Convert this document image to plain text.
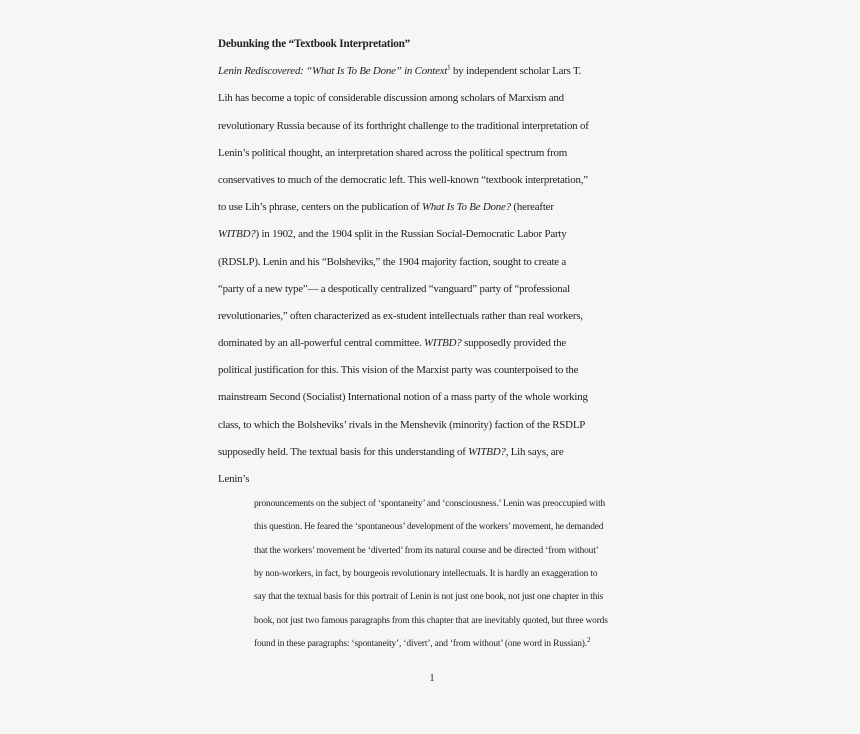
Debunking the “Textbook Interpretation”
Lenin Rediscovered: “What Is To Be Done” in Context$^1$ by independent scholar Lars T.
Lih has become a topic of considerable discussion among scholars of Marxism and
revolutionary Russia because of its forthright challenge to the traditional interpretation of
Lenin’s political thought, an interpretation shared across the political spectrum from
conservatives to much of the democratic left. This well-known “textbook interpretation,”
to use Lih’s phrase, centers on the publication of What Is To Be Done? (hereafter
WITBD?) in 1902, and the 1904 split in the Russian Social-Democratic Labor Party
(RDSLP). Lenin and his “Bolsheviks,” the 1904 majority faction, sought to create a
“party of a new type”— a despotically centralized “vanguard” party of “professional
revolutionaries,” often characterized as ex-student intellectuals rather than real workers,
dominated by an all-powerful central committee. WITBD? supposedly provided the
political justification for this. This vision of the Marxist party was counterpoised to the
mainstream Second (Socialist) International notion of a mass party of the whole working
class, to which the Bolsheviks’ rivals in the Menshevik (minority) faction of the RSDLP
supposedly held. The textual basis for this understanding of WITBD?, Lih says, are
Lenin’s
pronouncements on the subject of ‘spontaneity’ and ‘consciousness.’ Lenin was preoccupied with
this question. He feared the ‘spontaneous’ development of the workers’ movement, he demanded
that the workers’ movement be ‘diverted’ from its natural course and be directed ‘from without’
by non-workers, in fact, by bourgeois revolutionary intellectuals. It is hardly an exaggeration to
say that the textual basis for this portrait of Lenin is not just one book, not just one chapter in this
book, not just two famous paragraphs from this chapter that are inevitably quoted, but three words
found in these paragraphs: ‘spontaneity’, ‘divert’, and ‘from without’ (one word in Russian).$^2$
1
